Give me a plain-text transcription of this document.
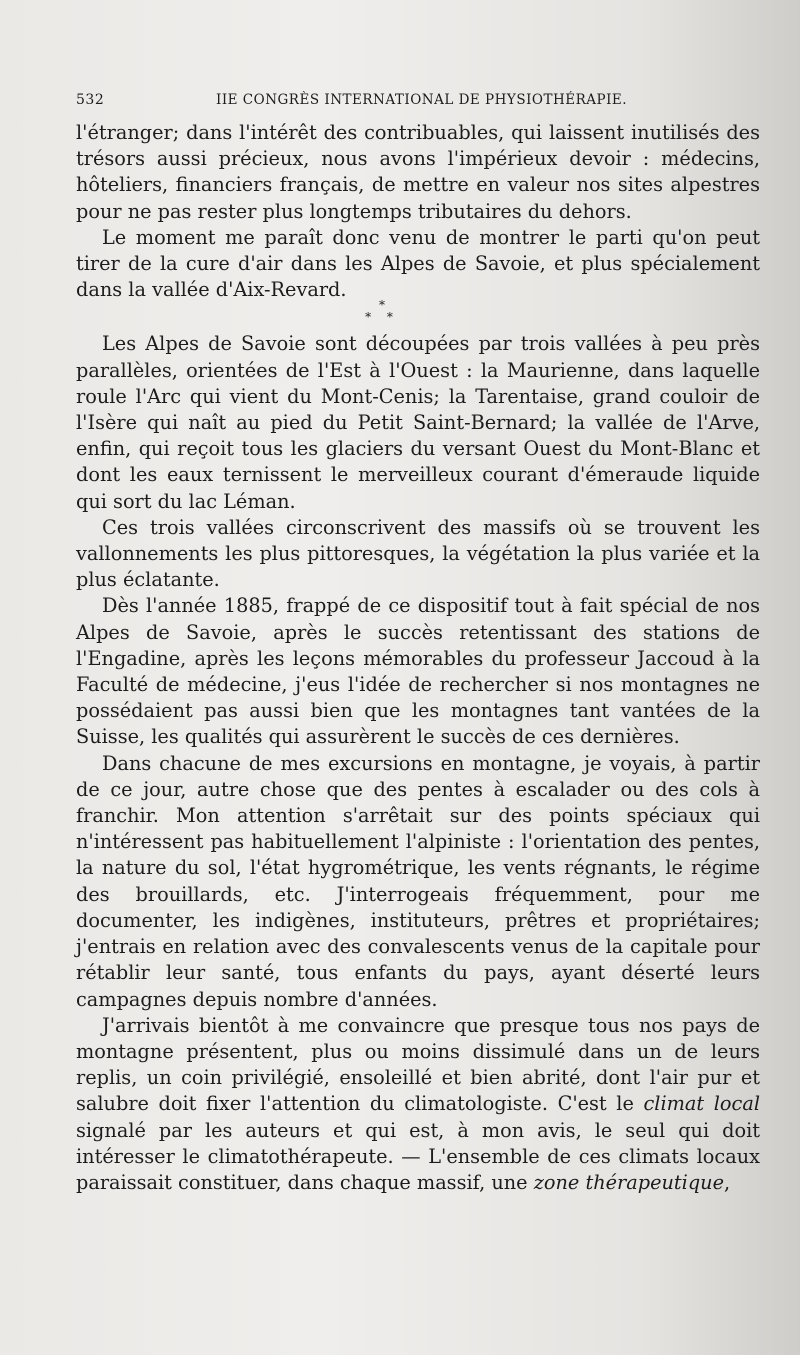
532	IIE CONGRÈS INTERNATIONAL DE PHYSIOTHÉRAPIE.

l'étranger; dans l'intérêt des contribuables, qui laissent inutilisés des trésors aussi précieux, nous avons l'impérieux devoir : médecins, hôteliers, financiers français, de mettre en valeur nos sites alpestres pour ne pas rester plus longtemps tributaires du dehors.

Le moment me paraît donc venu de montrer le parti qu'on peut tirer de la cure d'air dans les Alpes de Savoie, et plus spécialement dans la vallée d'Aix-Revard.

*
* *

Les Alpes de Savoie sont découpées par trois vallées à peu près parallèles, orientées de l'Est à l'Ouest : la Maurienne, dans laquelle roule l'Arc qui vient du Mont-Cenis; la Tarentaise, grand couloir de l'Isère qui naît au pied du Petit Saint-Bernard; la vallée de l'Arve, enfin, qui reçoit tous les glaciers du versant Ouest du Mont-Blanc et dont les eaux ternissent le merveilleux courant d'émeraude liquide qui sort du lac Léman.

Ces trois vallées circonscrivent des massifs où se trouvent les vallonnements les plus pittoresques, la végétation la plus variée et la plus éclatante.

Dès l'année 1885, frappé de ce dispositif tout à fait spécial de nos Alpes de Savoie, après le succès retentissant des stations de l'Engadine, après les leçons mémorables du professeur Jaccoud à la Faculté de médecine, j'eus l'idée de rechercher si nos montagnes ne possédaient pas aussi bien que les montagnes tant vantées de la Suisse, les qualités qui assurèrent le succès de ces dernières.

Dans chacune de mes excursions en montagne, je voyais, à partir de ce jour, autre chose que des pentes à escalader ou des cols à franchir. Mon attention s'arrêtait sur des points spéciaux qui n'intéressent pas habituellement l'alpiniste : l'orientation des pentes, la nature du sol, l'état hygrométrique, les vents régnants, le régime des brouillards, etc. J'interrogeais fréquemment, pour me documenter, les indigènes, instituteurs, prêtres et propriétaires; j'entrais en relation avec des convalescents venus de la capitale pour rétablir leur santé, tous enfants du pays, ayant déserté leurs campagnes depuis nombre d'années.

J'arrivais bientôt à me convaincre que presque tous nos pays de montagne présentent, plus ou moins dissimulé dans un de leurs replis, un coin privilégié, ensoleillé et bien abrité, dont l'air pur et salubre doit fixer l'attention du climatologiste. C'est le climat local signalé par les auteurs et qui est, à mon avis, le seul qui doit intéresser le climatothérapeute. — L'ensemble de ces climats locaux paraissait constituer, dans chaque massif, une zone thérapeutique,
